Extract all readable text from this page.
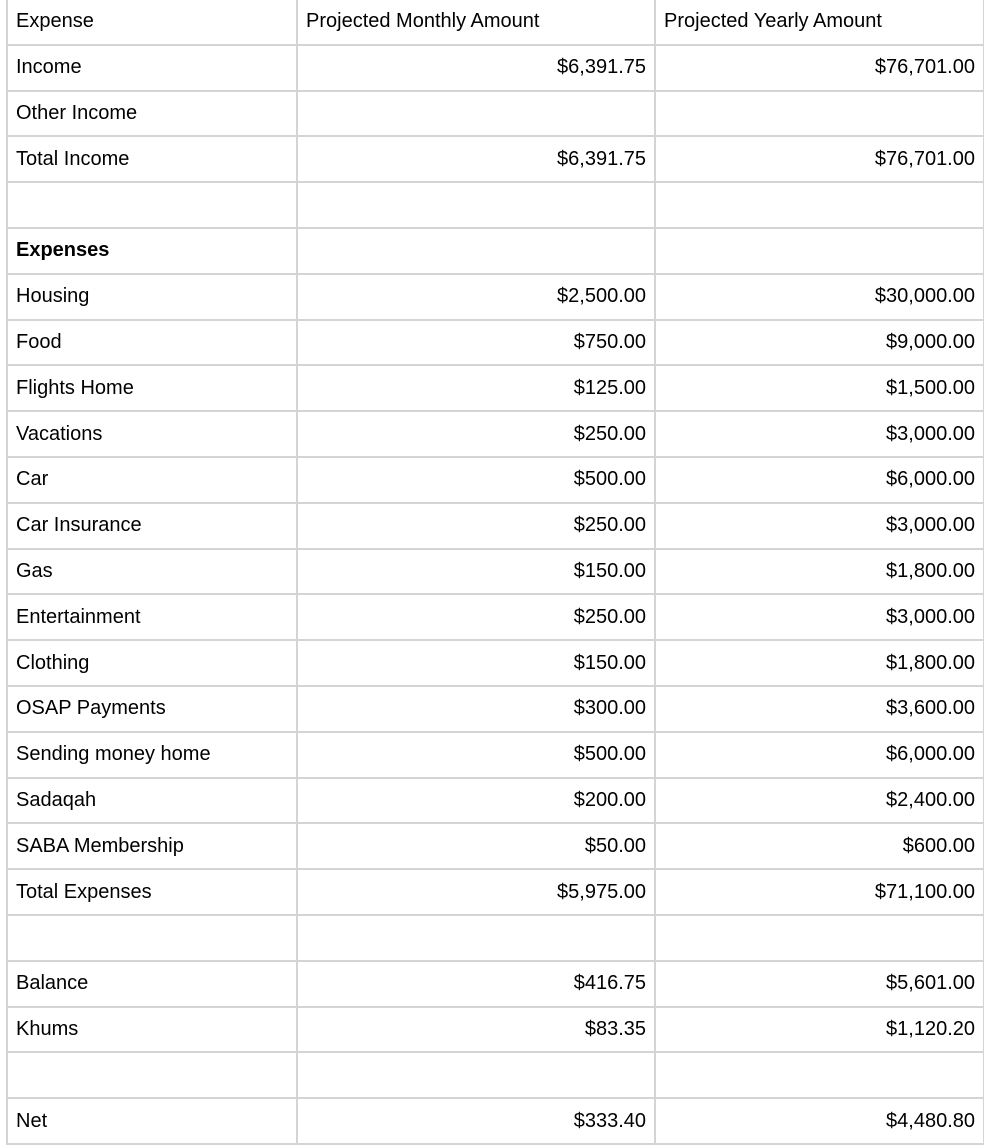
Expense	Projected Monthly Amount	Projected Yearly Amount
Income	$6,391.75	$76,701.00
Other Income
Total Income	$6,391.75	$76,701.00
Expenses
Housing	$2,500.00	$30,000.00
Food	$750.00	$9,000.00
Flights Home	$125.00	$1,500.00
Vacations	$250.00	$3,000.00
Car	$500.00	$6,000.00
Car Insurance	$250.00	$3,000.00
Gas	$150.00	$1,800.00
Entertainment	$250.00	$3,000.00
Clothing	$150.00	$1,800.00
OSAP Payments	$300.00	$3,600.00
Sending money home	$500.00	$6,000.00
Sadaqah	$200.00	$2,400.00
SABA Membership	$50.00	$600.00
Total Expenses	$5,975.00	$71,100.00
Balance	$416.75	$5,601.00
Khums	$83.35	$1,120.20
Net	$333.40	$4,480.80
